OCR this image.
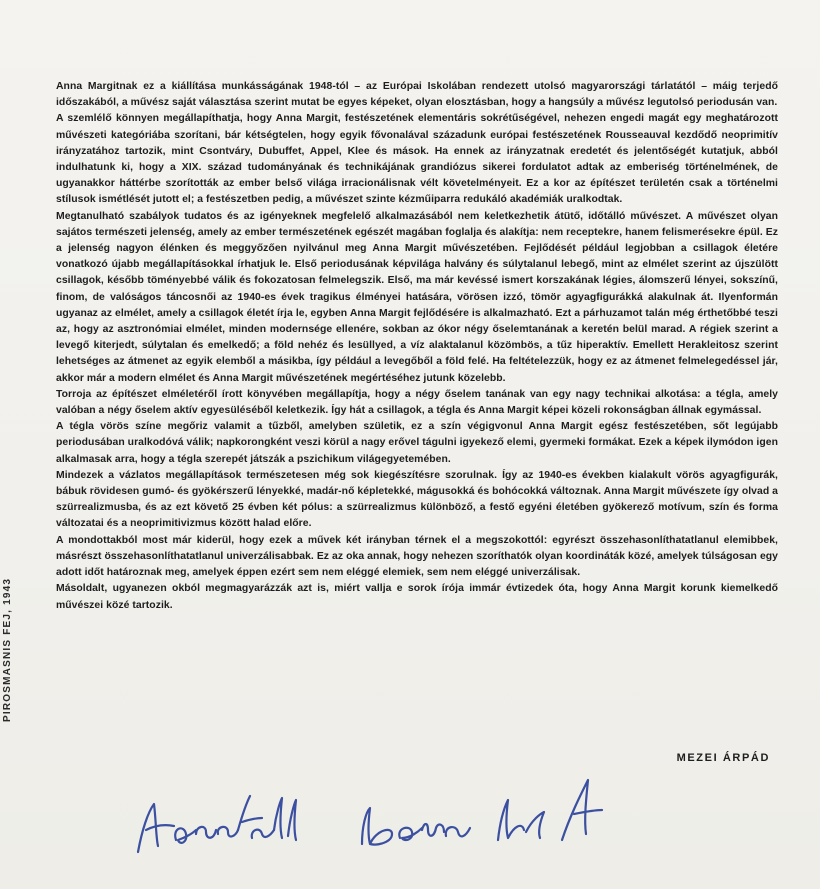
Anna Margitnak ez a kiállítása munkásságának 1948-tól – az Európai Iskolában rendezett utolsó magyarországi tárlatától – máig terjedő időszakából, a művész saját választása szerint mutat be egyes képeket, olyan elosztásban, hogy a hangsúly a művész legutolsó periodusán van.

A szemlélő könnyen megállapíthatja, hogy Anna Margit, festészetének elementáris sokrétűségével, nehezen engedi magát egy meghatározott művészeti kategóriába szorítani, bár kétségtelen, hogy egyik fővonalával századunk európai festészetének Rousseauval kezdődő neoprimitív irányzatához tartozik, mint Csontváry, Dubuffet, Appel, Klee és mások. Ha ennek az irányzatnak eredetét és jelentőségét kutatjuk, abból indulhatunk ki, hogy a XIX. század tudományának és technikájának grandiózus sikerei fordulatot adtak az emberiség történelmének, de ugyanakkor háttérbe szorították az ember belső világa irracionálisnak vélt követelményeit. Ez a kor az építészet területén csak a történelmi stílusok ismétlését jutott el; a festészetben pedig, a művészet szinte kézműiparra redukáló akadémiák uralkodtak.

Megtanulható szabályok tudatos és az igényeknek megfelelő alkalmazásából nem keletkezhetik átütő, időtálló művészet. A művészet olyan sajátos természeti jelenség, amely az ember természetének egészét magában foglalja és alakítja: nem receptekre, hanem felismerésekre épül. Ez a jelenség nagyon élénken és meggyőzően nyilvánul meg Anna Margit művészetében. Fejlődését például legjobban a csillagok életére vonatkozó újabb megállapításokkal írhatjuk le. Első periodusának képvilága halvány és súlytalanul lebegő, mint az elmélet szerint az újszülött csillagok, később töményebbé válik és fokozatosan felmelegszik. Első, ma már kevéssé ismert korszakának légies, álomszerű lényei, sokszínű, finom, de valóságos táncosnői az 1940-es évek tragikus élményei hatására, vörösen izzó, tömör agyagfigurákká alakulnak át. Ilyenformán ugyanaz az elmélet, amely a csillagok életét írja le, egyben Anna Margit fejlődésére is alkalmazható. Ezt a párhuzamot talán még érthetőbbé teszi az, hogy az asztronómiai elmélet, minden modernsége ellenére, sokban az ókor négy őselemtanának a keretén belül marad. A régiek szerint a levegő kiterjedt, súlytalan és emelkedő; a föld nehéz és lesüllyed, a víz alaktalanul közömbös, a tűz hiperaktív. Emellett Herakleitosz szerint lehetséges az átmenet az egyik elemből a másikba, így például a levegőből a föld felé. Ha feltételezzük, hogy ez az átmenet felmelegedéssel jár, akkor már a modern elmélet és Anna Margit művészetének megértéséhez jutunk közelebb.

Torroja az építészet elméletéről írott könyvében megállapítja, hogy a négy őselem tanának van egy nagy technikai alkotása: a tégla, amely valóban a négy őselem aktív egyesüléséből keletkezik. Így hát a csillagok, a tégla és Anna Margit képei közeli rokonságban állnak egymással.

A tégla vörös színe megőriz valamit a tűzből, amelyben születik, ez a szín végigvonul Anna Margit egész festészetében, sőt legújabb periodusában uralkodóvá válik; napkorongként veszi körül a nagy erővel tágulni igyekező elemi, gyermeki formákat. Ezek a képek ilymódon igen alkalmasak arra, hogy a tégla szerepét játszák a pszichikum világegyetemében.

Mindezek a vázlatos megállapítások természetesen még sok kiegészítésre szorulnak. Így az 1940-es években kialakult vörös agyagfigurák, bábuk rövidesen gumó- és gyökérszerű lényekké, madár-nő képletekké, mágusokká és bohócokká változnak. Anna Margit művészete így olvad a szürrealizmusba, és az ezt követő 25 évben két pólus: a szürrealizmus különböző, a festő egyéni életében gyökerező motívum, szín és forma változatai és a neoprimitivizmus között halad előre.

A mondottakból most már kiderül, hogy ezek a művek két irányban térnek el a megszokottól: egyrészt összehasonlíthatatlanul elemibbek, másrészt összehasonlíthatatlanul univerzálisabbak. Ez az oka annak, hogy nehezen szoríthatók olyan koordináták közé, amelyek túlságosan egy adott időt határoznak meg, amelyek éppen ezért sem nem eléggé elemiek, sem nem eléggé univerzálisak.

Másoldalt, ugyanezen okból megmagyarázzák azt is, miért vallja e sorok írója immár évtizedek óta, hogy Anna Margit korunk kiemelkedő művészei közé tartozik.

MEZEI ÁRPÁD
PIROSMASNIS FEJ, 1943
